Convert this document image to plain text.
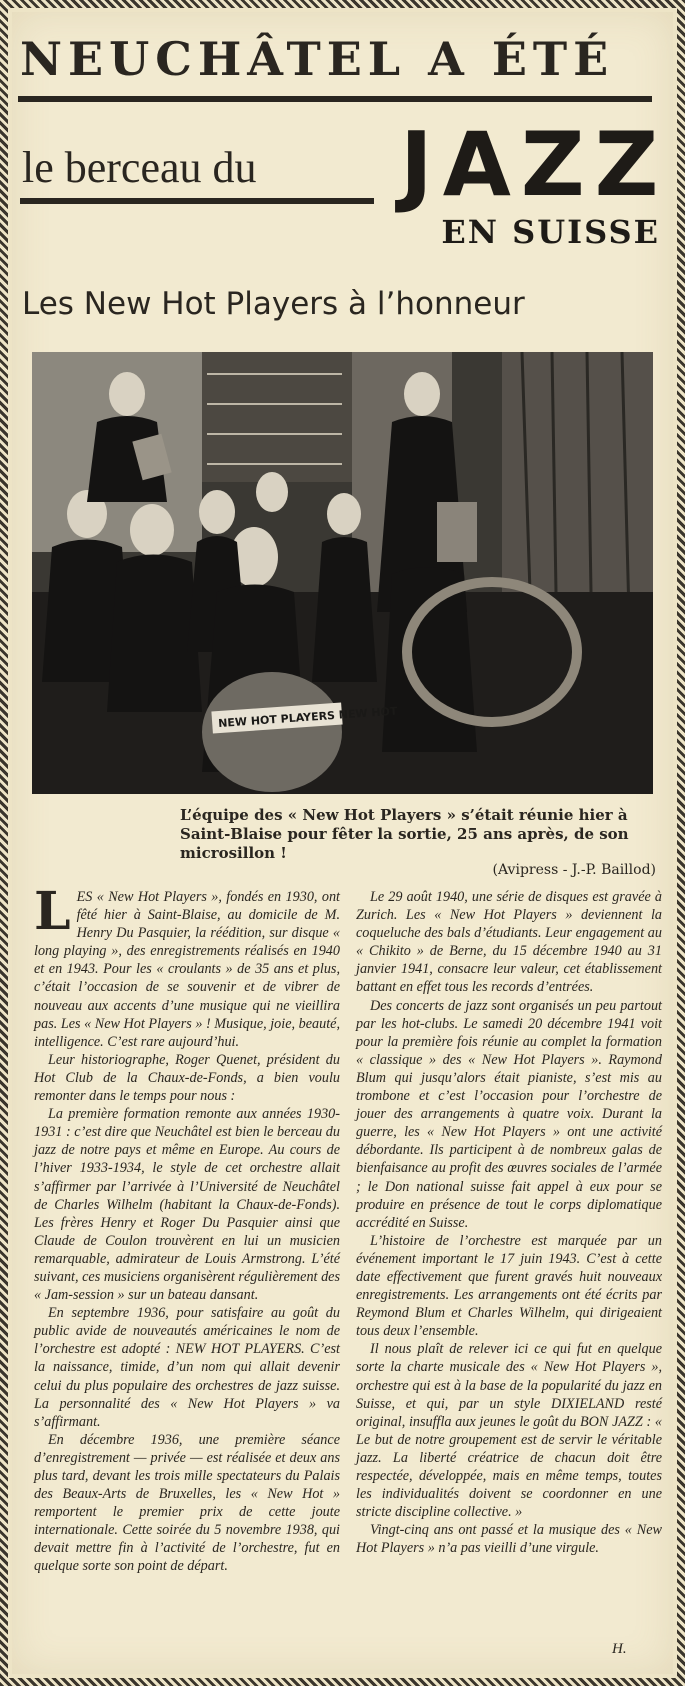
NEUCHÂTEL A ÉTÉ
le berceau du	JAZZ
EN SUISSE
Les New Hot Players à l’honneur
NEW HOT PLAYERS NEW HOT
L’équipe des « New Hot Players » s’était réunie hier à Saint-Blaise pour fêter la sortie, 25 ans après, de son microsillon !
(Avipress - J.-P. Baillod)

LES « New Hot Players », fondés en 1930, ont fêté hier à Saint-Blaise, au domicile de M. Henry Du Pasquier, la réédition, sur disque « long playing », des enregistrements réalisés en 1940 et en 1943. Pour les « croulants » de 35 ans et plus, c’était l’occasion de se souvenir et de vibrer de nouveau aux accents d’une musique qui ne vieillira pas. Les « New Hot Players » ! Musique, joie, beauté, intelligence. C’est rare aujourd’hui.

Leur historiographe, Roger Quenet, président du Hot Club de la Chaux-de-Fonds, a bien voulu remonter dans le temps pour nous :

La première formation remonte aux années 1930-1931 : c’est dire que Neuchâtel est bien le berceau du jazz de notre pays et même en Europe. Au cours de l’hiver 1933-1934, le style de cet orchestre allait s’affirmer par l’arrivée à l’Université de Neuchâtel de Charles Wilhelm (habitant la Chaux-de-Fonds). Les frères Henry et Roger Du Pasquier ainsi que Claude de Coulon trouvèrent en lui un musicien remarquable, admirateur de Louis Armstrong. L’été suivant, ces musiciens organisèrent régulièrement des « Jam-session » sur un bateau dansant.

En septembre 1936, pour satisfaire au goût du public avide de nouveautés américaines le nom de l’orchestre est adopté : NEW HOT PLAYERS. C’est la naissance, timide, d’un nom qui allait devenir celui du plus populaire des orchestres de jazz suisse. La personnalité des « New Hot Players » va s’affirmant.

En décembre 1936, une première séance d’enregistrement — privée — est réalisée et deux ans plus tard, devant les trois mille spectateurs du Palais des Beaux-Arts de Bruxelles, les « New Hot » remportent le premier prix de cette joute internationale. Cette soirée du 5 novembre 1938, qui devait mettre fin à l’activité de l’orchestre, fut en quelque sorte son point de départ.

Le 29 août 1940, une série de disques est gravée à Zurich. Les « New Hot Players » deviennent la coqueluche des bals d’étudiants. Leur engagement au « Chikito » de Berne, du 15 décembre 1940 au 31 janvier 1941, consacre leur valeur, cet établissement battant en effet tous les records d’entrées.

Des concerts de jazz sont organisés un peu partout par les hot-clubs. Le samedi 20 décembre 1941 voit pour la première fois réunie au complet la formation « classique » des « New Hot Players ». Raymond Blum qui jusqu’alors était pianiste, s’est mis au trombone et c’est l’occasion pour l’orchestre de jouer des arrangements à quatre voix. Durant la guerre, les « New Hot Players » ont une activité débordante. Ils participent à de nombreux galas de bienfaisance au profit des œuvres sociales de l’armée ; le Don national suisse fait appel à eux pour se produire en présence de tout le corps diplomatique accrédité en Suisse.

L’histoire de l’orchestre est marquée par un événement important le 17 juin 1943. C’est à cette date effectivement que furent gravés huit nouveaux enregistrements. Les arrangements ont été écrits par Reymond Blum et Charles Wilhelm, qui dirigeaient tous deux l’ensemble.

Il nous plaît de relever ici ce qui fut en quelque sorte la charte musicale des « New Hot Players », orchestre qui est à la base de la popularité du jazz en Suisse, et qui, par un style DIXIELAND resté original, insuffla aux jeunes le goût du BON JAZZ : « Le but de notre groupement est de servir le véritable jazz. La liberté créatrice de chacun doit être respectée, développée, mais en même temps, toutes les individualités doivent se coordonner en une stricte discipline collective. »

Vingt-cinq ans ont passé et la musique des « New Hot Players » n’a pas vieilli d’une virgule.

H.
